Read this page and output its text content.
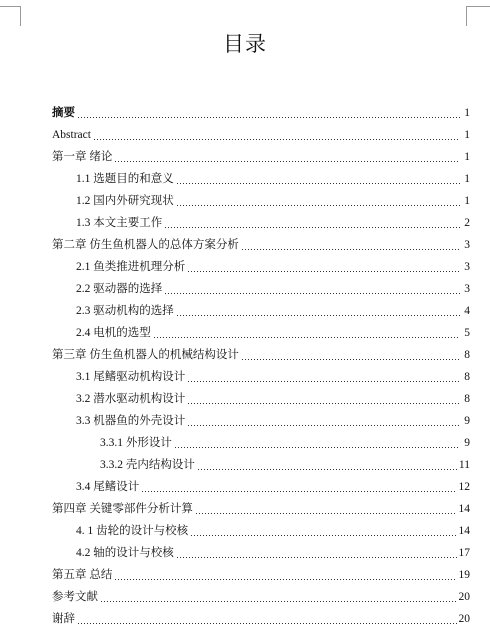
目录
摘要	1
Abstract	1
第一章 绪论	1
1.1 选题目的和意义	1
1.2 国内外研究现状	1
1.3 本文主要工作	2
第二章 仿生鱼机器人的总体方案分析	3
2.1 鱼类推进机理分析	3
2.2 驱动器的选择	3
2.3 驱动机构的选择	4
2.4 电机的选型	5
第三章 仿生鱼机器人的机械结构设计	8
3.1 尾鳍驱动机构设计	8
3.2 潜水驱动机构设计	8
3.3 机器鱼的外壳设计	9
3.3.1 外形设计	9
3.3.2 壳内结构设计	11
3.4 尾鳍设计	12
第四章 关键零部件分析计算	14
4. 1 齿轮的设计与校核	14
4.2 轴的设计与校核	17
第五章 总结	19
参考文献	20
谢辞	20
